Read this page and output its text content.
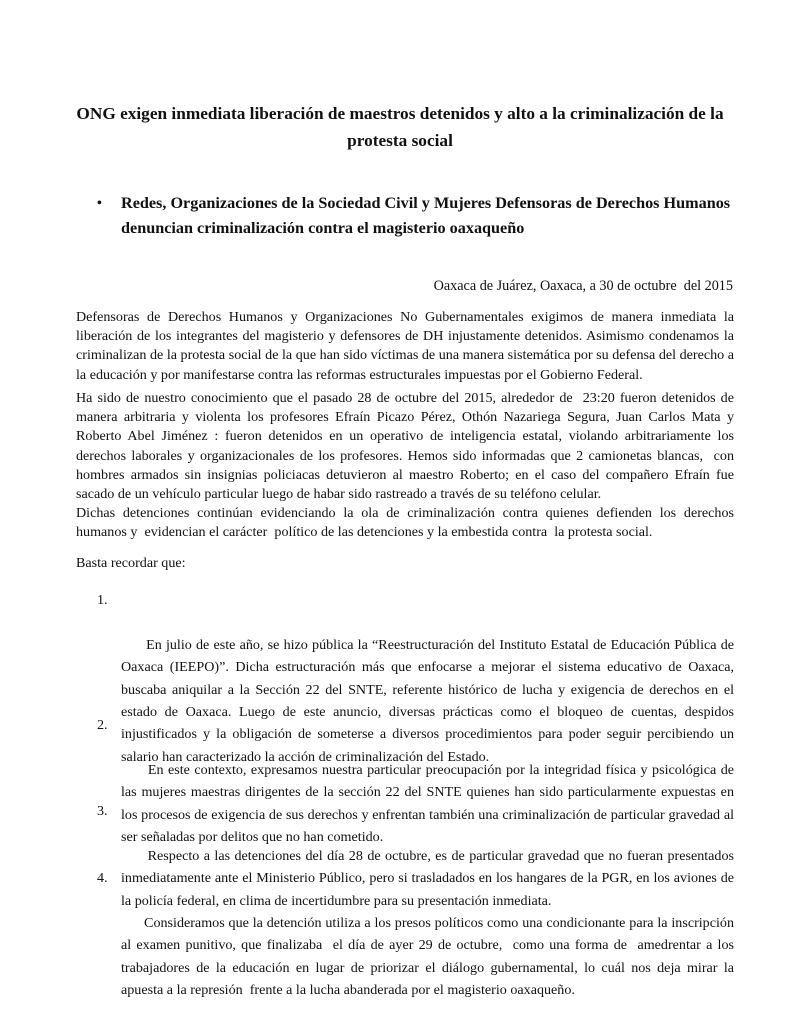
ONG exigen inmediata liberación de maestros detenidos y alto a la criminalización de la protesta social
• Redes, Organizaciones de la Sociedad Civil y Mujeres Defensoras de Derechos Humanos denuncian criminalización contra el magisterio oaxaqueño

Oaxaca de Juárez, Oaxaca, a 30 de octubre  del 2015

Defensoras de Derechos Humanos y Organizaciones No Gubernamentales exigimos de manera inmediata la liberación de los integrantes del magisterio y defensores de DH injustamente detenidos. Asimismo condenamos la criminalizan de la protesta social de la que han sido víctimas de una manera sistemática por su defensa del derecho a la educación y por manifestarse contra las reformas estructurales impuestas por el Gobierno Federal.

Ha sido de nuestro conocimiento que el pasado 28 de octubre del 2015, alrededor de  23:20 fueron detenidos de manera arbitraria y violenta los profesores Efraín Picazo Pérez, Othón Nazariega Segura, Juan Carlos Mata y Roberto Abel Jiménez : fueron detenidos en un operativo de inteligencia estatal, violando arbitrariamente los derechos laborales y organizacionales de los profesores. Hemos sido informadas que 2 camionetas blancas,  con hombres armados sin insignias policiacas detuvieron al maestro Roberto; en el caso del compañero Efraín fue sacado de un vehículo particular luego de habar sido rastreado a través de su teléfono celular.

Dichas detenciones continúan evidenciando la ola de criminalización contra quienes defienden los derechos humanos y  evidencian el carácter  político de las detenciones y la embestida contra  la protesta social.

Basta recordar que:

1.

En julio de este año, se hizo pública la “Reestructuración del Instituto Estatal de Educación Pública de Oaxaca (IEEPO)”. Dicha estructuración más que enfocarse a mejorar el sistema educativo de Oaxaca, buscaba aniquilar a la Sección 22 del SNTE, referente histórico de lucha y exigencia de derechos en el estado de Oaxaca. Luego de este anuncio, diversas prácticas como el bloqueo de cuentas, despidos injustificados y la obligación de someterse a diversos procedimientos para poder seguir percibiendo un salario han caracterizado la acción de criminalización del Estado.

2.

En este contexto, expresamos nuestra particular preocupación por la integridad física y psicológica de las mujeres maestras dirigentes de la sección 22 del SNTE quienes han sido particularmente expuestas en los procesos de exigencia de sus derechos y enfrentan también una criminalización de particular gravedad al ser señaladas por delitos que no han cometido.

3.

Respecto a las detenciones del día 28 de octubre, es de particular gravedad que no fueran presentados inmediatamente ante el Ministerio Público, pero si trasladados en los hangares de la PGR, en los aviones de la policía federal, en clima de incertidumbre para su presentación inmediata.

4.

Consideramos que la detención utiliza a los presos políticos como una condicionante para la inscripción al examen punitivo, que finalizaba  el día de ayer 29 de octubre,  como una forma de  amedrentar a los trabajadores de la educación en lugar de priorizar el diálogo gubernamental, lo cuál nos deja mirar la apuesta a la represión  frente a la lucha abanderada por el magisterio oaxaqueño.
